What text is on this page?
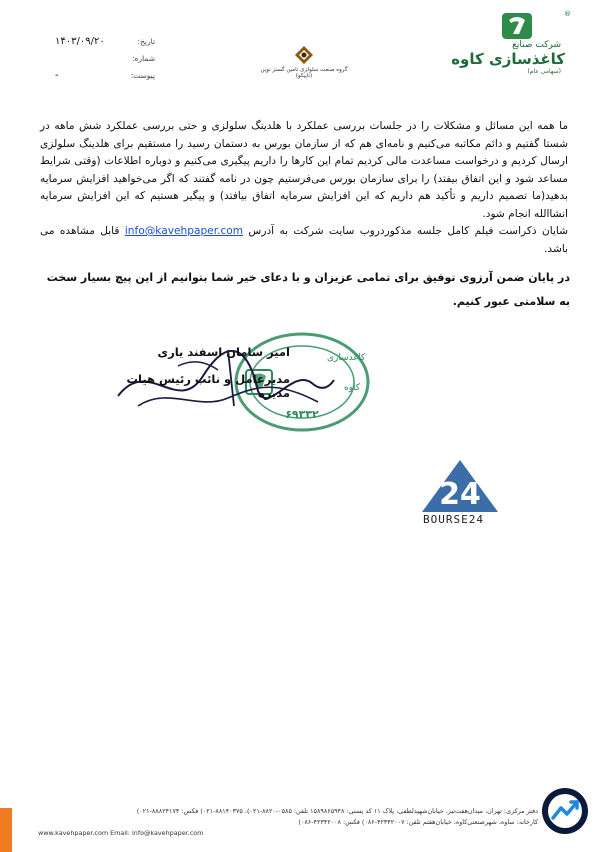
®
شرکت صنایع
کاغذسازی کاوه
(سهامی عام)
گروه صنعت سلولزی تامین گستر نوین
(تاپیکو)
تاریخ:
۱۴۰۳/۰۹/۲۰
شماره:
پیوست:
-

ما همه این مسائل و مشکلات را در جلسات بررسی عملکرد با هلدینگ سلولزی و حتی بررسی عملکرد شش ماهه در شستا گفتیم و دائم مکاتبه می‌کنیم و نامه‌ای هم که از سازمان بورس به دستمان رسید را مستقیم برای هلدینگ سلولزی ارسال کردیم و درخواست مساعدت مالی کردیم تمام این کارها را داریم پیگیری می‌کنیم و دوباره اطلاعات (وقتی شرایط مساعد شود و این اتفاق بیفتد) را برای سازمان بورس می‌فرستیم چون در نامه گفتند که اگر می‌خواهید افزایش سرمایه بدهید(ما تصمیم داریم و تأکید هم داریم که این افزایش سرمایه اتفاق بیافتد) و پیگیر هستیم که این افزایش سرمایه انشاالله انجام شود.

شایان ذکراست فیلم کامل جلسه مذکوردروب سایت شرکت به آدرس info@kavehpaper.com قابل مشاهده می باشد.

در پایان ضمن آرزوی توفیق برای تمامی عزیزان و با دعای خیر شما بتوانیم از این پیچ بسیار سخت به سلامتی عبور کنیم.
کاغذسازی
کاوه
۶۹۳۳۲
امیر سامان اسفند یاری
مدیرعامل و نائب رئیس هیات مدیره
24
BOURSE24
دفتر مرکزی: تهران، میدان‌هفت‌تیر، خیابان‌شهیدلطفی، پلاک ۱۱ کد پستی: ۱۵۸۹۸۶۵۹۴۸ تلفن: ۰۵۸۵-۸۸۲۰-۰۲۱)، ۸۸۱۴۰۳۷۵-۰۲۱) فکس: ۸۸۸۲۴۱۷۴-۰۲۱)
کارخانه: ساوه، شهرصنعتی‌کاوه، خیابان‌هفتم تلفن: ۴۲۳۴۲۰۰۷-۰۸۶) فکس: ۴۲۳۴۲۰۰۸-۰۸۶)
www.kavehpaper.com Email: info@kavehpaper.com
